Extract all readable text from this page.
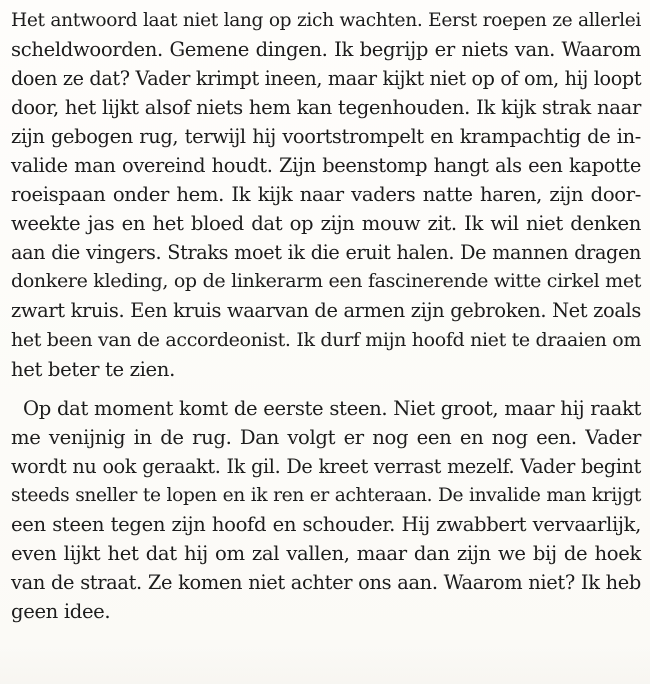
Het antwoord laat niet lang op zich wachten. Eerst roepen ze allerlei
scheldwoorden. Gemene dingen. Ik begrijp er niets van. Waarom
doen ze dat? Vader krimpt ineen, maar kijkt niet op of om, hij loopt
door, het lijkt alsof niets hem kan tegenhouden. Ik kijk strak naar
zijn gebogen rug, terwijl hij voortstrompelt en krampachtig de in-
valide man overeind houdt. Zijn beenstomp hangt als een kapotte
roeispaan onder hem. Ik kijk naar vaders natte haren, zijn door-
weekte jas en het bloed dat op zijn mouw zit. Ik wil niet denken
aan die vingers. Straks moet ik die eruit halen. De mannen dragen
donkere kleding, op de linkerarm een fascinerende witte cirkel met
zwart kruis. Een kruis waarvan de armen zijn gebroken. Net zoals
het been van de accordeonist. Ik durf mijn hoofd niet te draaien om
het beter te zien.
Op dat moment komt de eerste steen. Niet groot, maar hij raakt
me venijnig in de rug. Dan volgt er nog een en nog een. Vader
wordt nu ook geraakt. Ik gil. De kreet verrast mezelf. Vader begint
steeds sneller te lopen en ik ren er achteraan. De invalide man krijgt
een steen tegen zijn hoofd en schouder. Hij zwabbert vervaarlijk,
even lijkt het dat hij om zal vallen, maar dan zijn we bij de hoek
van de straat. Ze komen niet achter ons aan. Waarom niet? Ik heb
geen idee.
